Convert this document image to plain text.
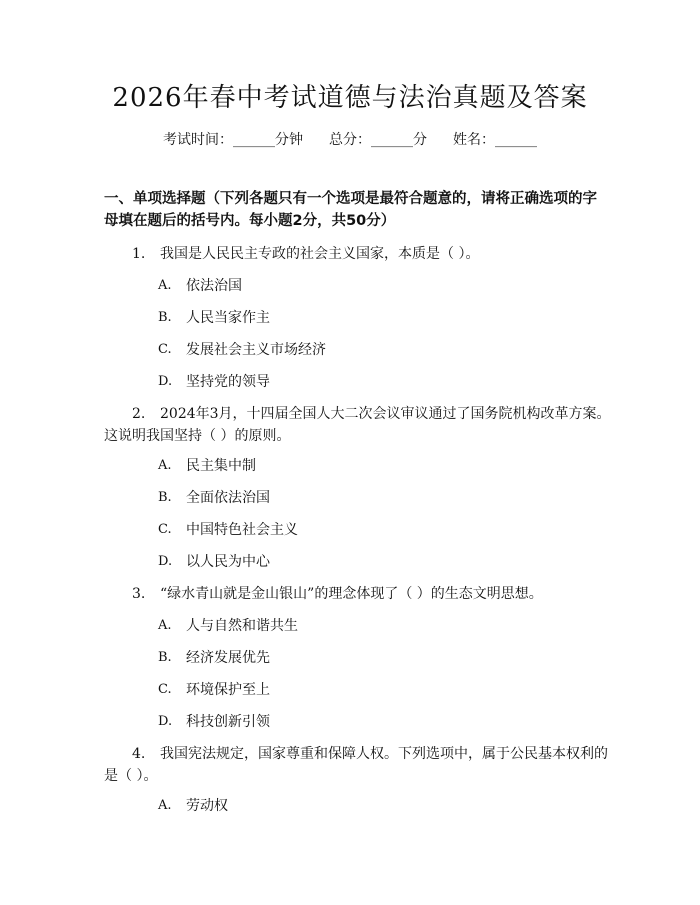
2026年春中考试道德与法治真题及答案
考试时间：______分钟 总分：______分 姓名：______
一、单项选择题（下列各题只有一个选项是最符合题意的，请将正确选项的字母填在题后的括号内。每小题2分，共50分）
1. 我国是人民民主专政的社会主义国家，本质是（ ）。
A. 依法治国
B. 人民当家作主
C. 发展社会主义市场经济
D. 坚持党的领导
2. 2024年3月，十四届全国人大二次会议审议通过了国务院机构改革方案。这说明我国坚持（ ）的原则。
A. 民主集中制
B. 全面依法治国
C. 中国特色社会主义
D. 以人民为中心
3. “绿水青山就是金山银山”的理念体现了（ ）的生态文明思想。
A. 人与自然和谐共生
B. 经济发展优先
C. 环境保护至上
D. 科技创新引领
4. 我国宪法规定，国家尊重和保障人权。下列选项中，属于公民基本权利的是（ ）。
A. 劳动权
